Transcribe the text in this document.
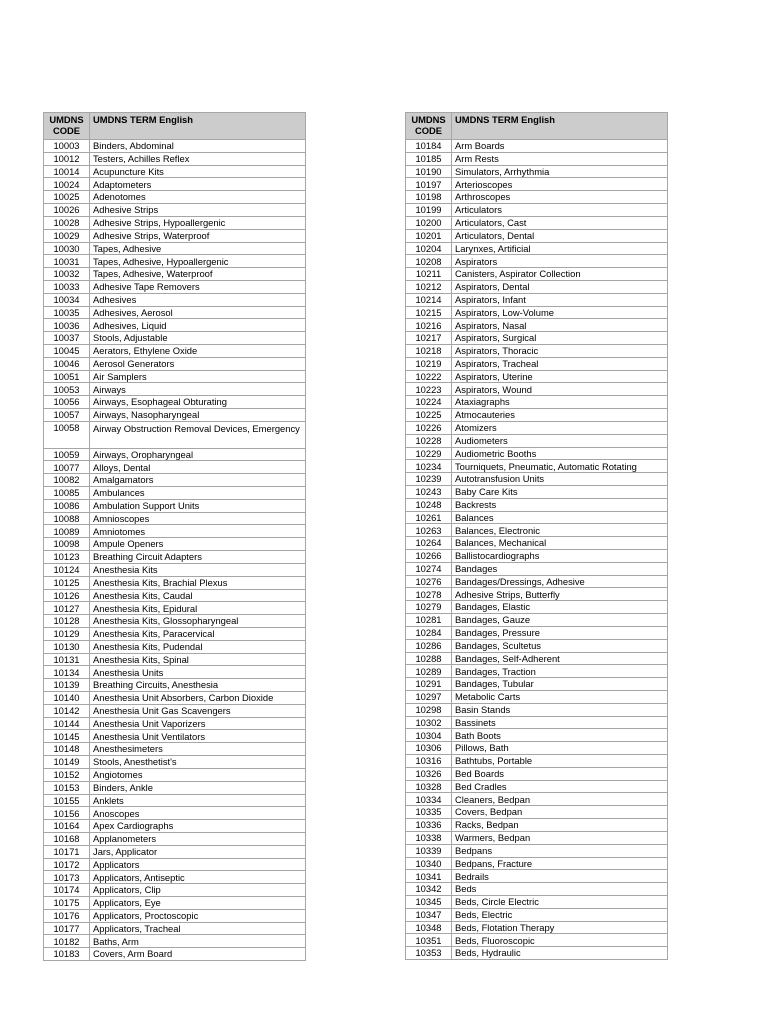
UMDNS
CODE	UMDNS TERM English
10003	Binders, Abdominal
10012	Testers, Achilles Reflex
10014	Acupuncture Kits
10024	Adaptometers
10025	Adenotomes
10026	Adhesive Strips
10028	Adhesive Strips, Hypoallergenic
10029	Adhesive Strips, Waterproof
10030	Tapes, Adhesive
10031	Tapes, Adhesive, Hypoallergenic
10032	Tapes, Adhesive, Waterproof
10033	Adhesive Tape Removers
10034	Adhesives
10035	Adhesives, Aerosol
10036	Adhesives, Liquid
10037	Stools, Adjustable
10045	Aerators, Ethylene Oxide
10046	Aerosol Generators
10051	Air Samplers
10053	Airways
10056	Airways, Esophageal Obturating
10057	Airways, Nasopharyngeal
10058	Airway Obstruction Removal Devices, Emergency
10059	Airways, Oropharyngeal
10077	Alloys, Dental
10082	Amalgamators
10085	Ambulances
10086	Ambulation Support Units
10088	Amnioscopes
10089	Amniotomes
10098	Ampule Openers
10123	Breathing Circuit Adapters
10124	Anesthesia Kits
10125	Anesthesia Kits, Brachial Plexus
10126	Anesthesia Kits, Caudal
10127	Anesthesia Kits, Epidural
10128	Anesthesia Kits, Glossopharyngeal
10129	Anesthesia Kits, Paracervical
10130	Anesthesia Kits, Pudendal
10131	Anesthesia Kits, Spinal
10134	Anesthesia Units
10139	Breathing Circuits, Anesthesia
10140	Anesthesia Unit Absorbers, Carbon Dioxide
10142	Anesthesia Unit Gas Scavengers
10144	Anesthesia Unit Vaporizers
10145	Anesthesia Unit Ventilators
10148	Anesthesimeters
10149	Stools, Anesthetist's
10152	Angiotomes
10153	Binders, Ankle
10155	Anklets
10156	Anoscopes
10164	Apex Cardiographs
10168	Applanometers
10171	Jars, Applicator
10172	Applicators
10173	Applicators, Antiseptic
10174	Applicators, Clip
10175	Applicators, Eye
10176	Applicators, Proctoscopic
10177	Applicators, Tracheal
10182	Baths, Arm
10183	Covers, Arm Board
UMDNS
CODE	UMDNS TERM English
10184	Arm Boards
10185	Arm Rests
10190	Simulators, Arrhythmia
10197	Arterioscopes
10198	Arthroscopes
10199	Articulators
10200	Articulators, Cast
10201	Articulators, Dental
10204	Larynxes, Artificial
10208	Aspirators
10211	Canisters, Aspirator Collection
10212	Aspirators, Dental
10214	Aspirators, Infant
10215	Aspirators, Low-Volume
10216	Aspirators, Nasal
10217	Aspirators, Surgical
10218	Aspirators, Thoracic
10219	Aspirators, Tracheal
10222	Aspirators, Uterine
10223	Aspirators, Wound
10224	Ataxiagraphs
10225	Atmocauteries
10226	Atomizers
10228	Audiometers
10229	Audiometric Booths
10234	Tourniquets, Pneumatic, Automatic Rotating
10239	Autotransfusion Units
10243	Baby Care Kits
10248	Backrests
10261	Balances
10263	Balances, Electronic
10264	Balances, Mechanical
10266	Ballistocardiographs
10274	Bandages
10276	Bandages/Dressings, Adhesive
10278	Adhesive Strips, Butterfly
10279	Bandages, Elastic
10281	Bandages, Gauze
10284	Bandages, Pressure
10286	Bandages, Scultetus
10288	Bandages, Self-Adherent
10289	Bandages, Traction
10291	Bandages, Tubular
10297	Metabolic Carts
10298	Basin Stands
10302	Bassinets
10304	Bath Boots
10306	Pillows, Bath
10316	Bathtubs, Portable
10326	Bed Boards
10328	Bed Cradles
10334	Cleaners, Bedpan
10335	Covers, Bedpan
10336	Racks, Bedpan
10338	Warmers, Bedpan
10339	Bedpans
10340	Bedpans, Fracture
10341	Bedrails
10342	Beds
10345	Beds, Circle Electric
10347	Beds, Electric
10348	Beds, Flotation Therapy
10351	Beds, Fluoroscopic
10353	Beds, Hydraulic
